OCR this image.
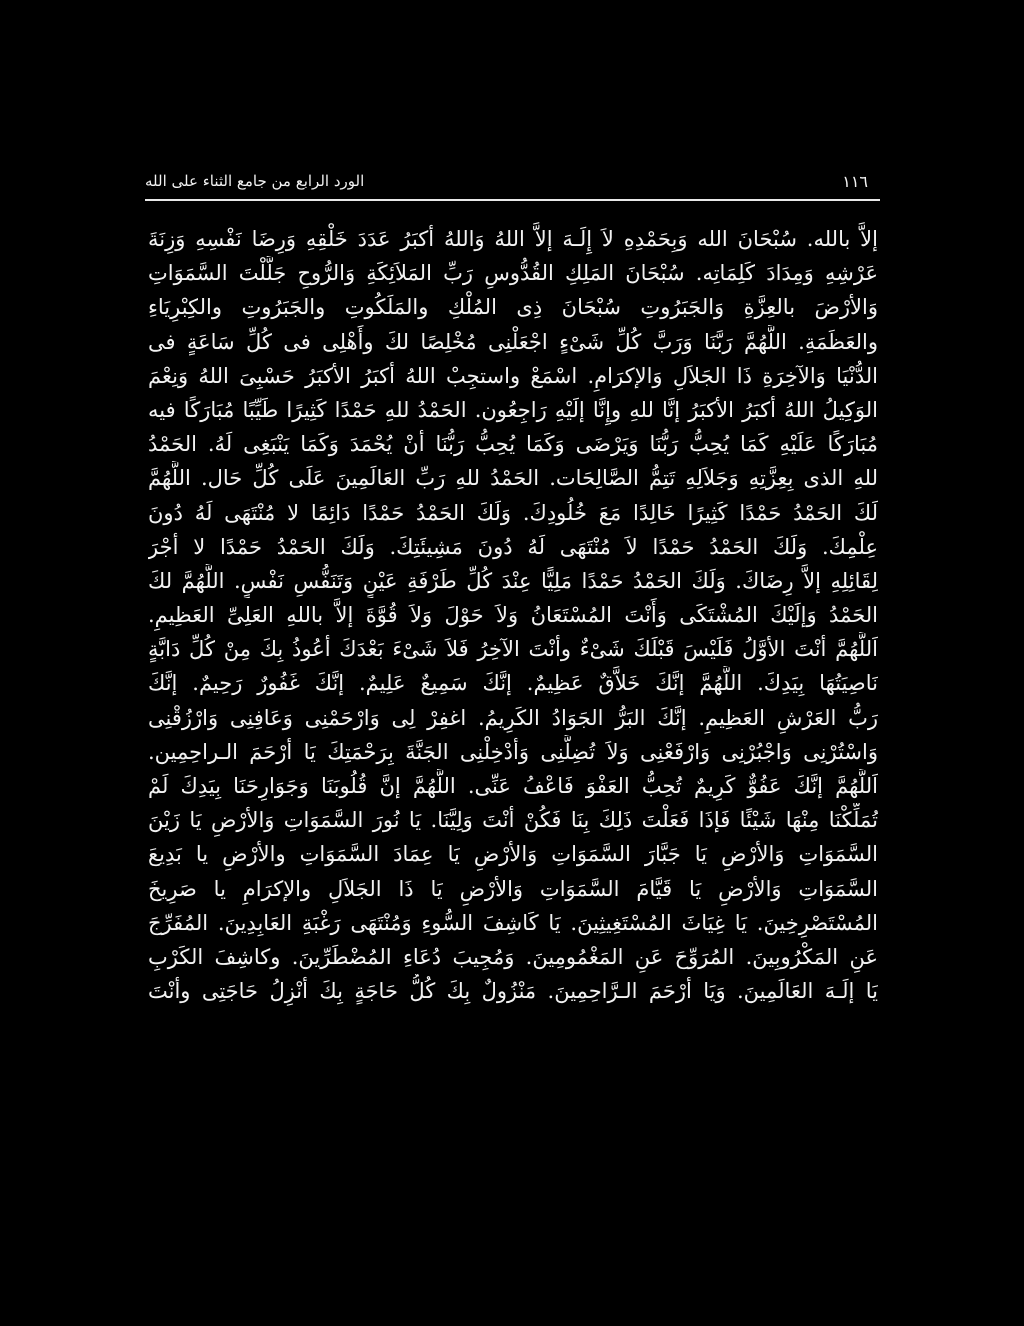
الورد الرابع من جامع الثناء على الله	١١٦
إلاَّ بالله. سُبْحَانَ الله وَبِحَمْدِهِ لاَ إِلَـهَ إلاَّ اللهُ وَاللهُ أكبَرُ عَدَدَ خَلْقِهِ وَرِضَا نَفْسِهِ وَزِنَةَ
عَرْشِهِ وَمِدَادَ كَلِمَاتِه. سُبْحَانَ المَلِكِ القُدُّوسِ رَبِّ المَلاَئِكَةِ وَالرُّوحِ جَلَّلْتَ السَّمَوَاتِ
وَالأرْضَ بالعِزَّةِ وَالجَبَرُوتِ سُبْحَانَ ذِى المُلْكِ والمَلَكُوتِ والجَبَرُوتِ والكِبْرِيَاءِ
والعَظَمَةِ. اللَّهُمَّ رَبَّنَا وَرَبَّ كُلِّ شَىْءٍ اجْعَلْنِى مُخْلِصًا لكَ وأَهْلِى فى كُلِّ سَاعَةٍ فى
الدُّنْيَا وَالآخِرَةِ ذَا الجَلاَلِ وَالإكرَامِ. اسْمَعْ واستجِبْ اللهُ أكبَرُ الأكبَرُ حَسْبِىَ اللهُ وَنِعْمَ
الوَكِيلُ اللهُ أكبَرُ الأكبَرُ إنَّا للهِ وإِنَّا إلَيْهِ رَاجِعُون. الحَمْدُ للهِ حَمْدًا كَثِيرًا طَيِّبًا مُبَارَكًا فيه
مُبَارَكًا عَلَيْهِ كَمَا يُحِبُّ رَبُّنَا وَيَرْضَى وَكَمَا يُحِبُّ رَبُّنَا أنْ يُحْمَدَ وَكَمَا يَنْبَغِى لَهُ. الحَمْدُ
للهِ الذى بِعِزَّتِهِ وَجَلاَلِهِ تَتِمُّ الصَّالِحَات. الحَمْدُ للهِ رَبِّ العَالَمِينَ عَلَى كُلِّ حَال. اللَّهُمَّ
لَكَ الحَمْدُ حَمْدًا كَثِيرًا خَالِدًا مَعَ خُلُودِكَ. وَلَكَ الحَمْدُ حَمْدًا دَائِمًا لا مُنْتَهَى لَهُ دُونَ
عِلْمِكَ. وَلَكَ الحَمْدُ حَمْدًا لاَ مُنْتَهَى لَهُ دُونَ مَشِيئَتِكَ. وَلَكَ الحَمْدُ حَمْدًا لا أجْرَ
لِقَائِلِهِ إلاَّ رِضَاكَ. وَلَكَ الحَمْدُ حَمْدًا مَلِيًّا عِنْدَ كُلِّ طَرْفَةِ عَيْنٍ وَتَنَفُّسِ نَفْسٍ. اللَّهُمَّ لكَ
الحَمْدُ وَإلَيْكَ المُشْتَكَى وَأَنْتَ المُسْتَعَانُ وَلاَ حَوْلَ وَلاَ قُوَّةَ إلاَّ باللهِ العَلِىِّ العَظِيمِ.
اَللَّهُمَّ أنْتَ الأوَّلُ فَلَيْسَ قَبْلَكَ شَىْءٌ وأنْتَ الآخِرُ فَلاَ شَىْءَ بَعْدَكَ أعُوذُ بِكَ مِنْ كُلِّ دَابَّةٍ
نَاصِيَتُهَا بِيَدِكَ. اللَّهُمَّ إنَّكَ خَلاَّقٌ عَظِيمٌ. إنَّكَ سَمِيعٌ عَلِيمٌ. إنَّكَ غَفُورٌ رَحِيمٌ. إنَّكَ
رَبُّ العَرْشِ العَظِيمِ. إنَّكَ البَرُّ الجَوَادُ الكَرِيمُ. اغفِرْ لِى وَارْحَمْنِى وَعَافِنِى وَارْزُقْنِى
وَاسْتُرْنِى وَاجْبُرْنِى وَارْفَعْنِى وَلاَ تُضِلَّنِى وَأدْخِلْنِى الجَنَّةَ بِرَحْمَتِكَ يَا أرْحَمَ الـراحِمِين.
اَللَّهُمَّ إنَّكَ عَفُوٌّ كَرِيمٌ تُحِبُّ العَفْوَ فَاعْفُ عَنِّى. اللَّهُمَّ إنَّ قُلُوبَنَا وَجَوَارِحَنَا بِيَدِكَ لَمْ
تُمَلِّكْنَا مِنْهَا شَيْئًا فَإذَا فَعَلْتَ ذَلِكَ بِنَا فَكُنْ أنْتَ وَلِيَّنَا. يَا نُورَ السَّمَوَاتِ وَالأرْضِ يَا زَيْنَ
السَّمَوَاتِ وَالأرْضِ يَا جَبَّارَ السَّمَوَاتِ وَالأرْضِ يَا عِمَادَ السَّمَوَاتِ والأرْضِ يا بَدِيعَ
السَّمَوَاتِ وَالأرْضِ يَا قَيَّامَ السَّمَوَاتِ وَالأرْضِ يَا ذَا الجَلاَلِ والإكرَامِ يا صَرِيخَ
المُسْتَصْرِخِينَ. يَا غِيَاثَ المُسْتَغِيثِينَ. يَا كَاشِفَ السُّوءِ وَمُنْتَهَى رَغْبَةِ العَابِدِينَ. المُفَرِّجَ
عَنِ المَكْرُوبِينَ. المُرَوِّحَ عَنِ المَغْمُومِينَ. وَمُجِيبَ دُعَاءِ المُضْطَرِّينَ. وكاشِفَ الكَرْبِ
يَا إلَـهَ العَالَمِينَ. وَيَا أرْحَمَ الـرَّاحِمِينَ. مَنْزُولٌ بِكَ كُلُّ حَاجَةٍ بِكَ أنْزِلُ حَاجَتِى وأنْتَ
